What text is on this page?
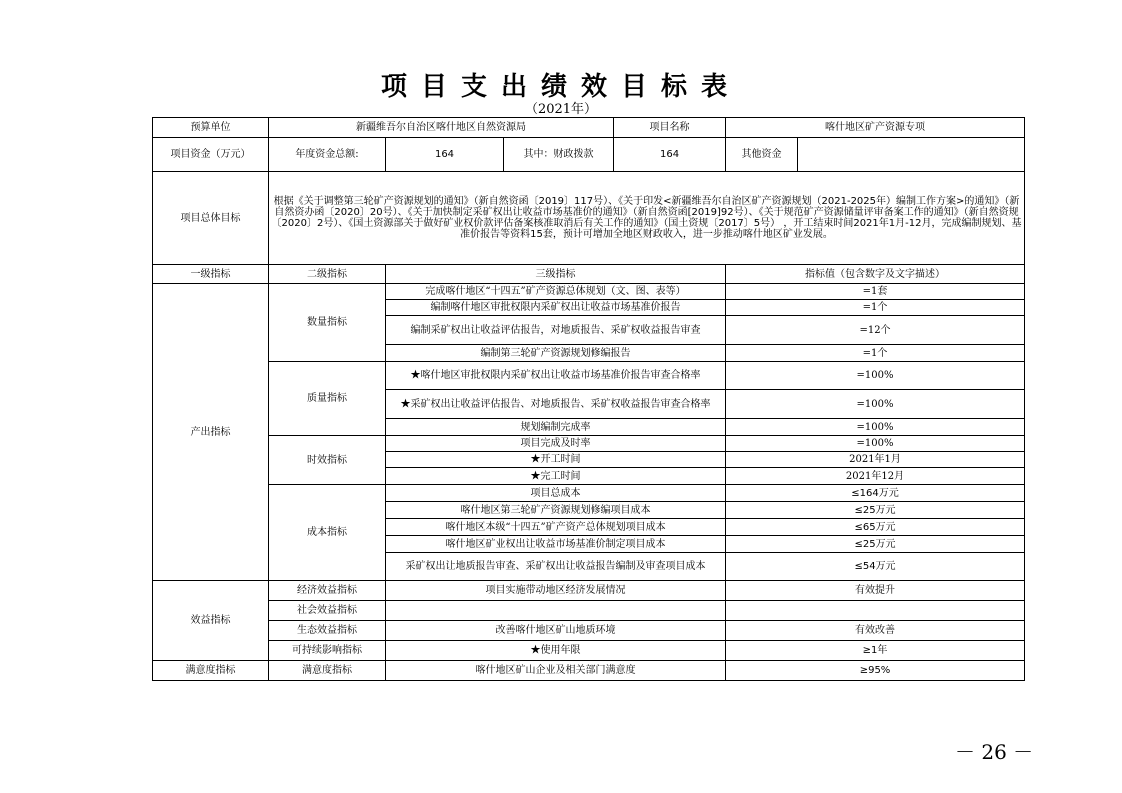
项目支出绩效目标表
（2021年）
预算单位	新疆维吾尔自治区喀什地区自然资源局			项目名称	喀什地区矿产资源专项	
项目资金（万元）	年度资金总额:	164	其中：财政拨款	164	其他资金	
项目总体目标	根据《关于调整第三轮矿产资源规划的通知》（新自然资函〔2019〕117号）、《关于印发<新疆维吾尔自治区矿产资源规划（2021-2025年）编制工作方案>的通知》（新自然资办函〔2020〕20号）、《关于加快制定采矿权出让收益市场基准价的通知》（新自然资函[2019]92号）、《关于规范矿产资源储量评审备案工作的通知》（新自然资规〔2020〕2号）、《国土资源部关于做好矿业权价款评估备案核准取消后有关工作的通知》（国土资规〔2017〕5号） ，开工结束时间2021年1月-12月，完成编制规划、基准价报告等资料15套，预计可增加全地区财政收入，进一步推动喀什地区矿业发展。					
一级指标	二级指标	三级指标			指标值（包含数字及文字描述）	
产出指标	数量指标	完成喀什地区“十四五”矿产资源总体规划（文、图、表等）			=1套	
		编制喀什地区审批权限内采矿权出让收益市场基准价报告			=1个	
		编制采矿权出让收益评估报告，对地质报告、采矿权收益报告审查			=12个	
		编制第三轮矿产资源规划修编报告			=1个	
	质量指标	★喀什地区审批权限内采矿权出让收益市场基准价报告审查合格率			=100%	
		★采矿权出让收益评估报告、对地质报告、采矿权收益报告审查合格率			=100%	
		规划编制完成率			=100%	
	时效指标	项目完成及时率			=100%	
		★开工时间			2021年1月	
		★完工时间			2021年12月	
	成本指标	项目总成本			≤164万元	
		喀什地区第三轮矿产资源规划修编项目成本			≤25万元	
		喀什地区本级“十四五”矿产资产总体规划项目成本			≤65万元	
		喀什地区矿业权出让收益市场基准价制定项目成本			≤25万元	
		采矿权出让地质报告审查、采矿权出让收益报告编制及审查项目成本			≤54万元	
效益指标	经济效益指标	项目实施带动地区经济发展情况			有效提升	
	社会效益指标					
	生态效益指标	改善喀什地区矿山地质环境			有效改善	
	可持续影响指标	★使用年限			≥1年	
满意度指标	满意度指标	喀什地区矿山企业及相关部门满意度			≥95%	
－ 26 －
